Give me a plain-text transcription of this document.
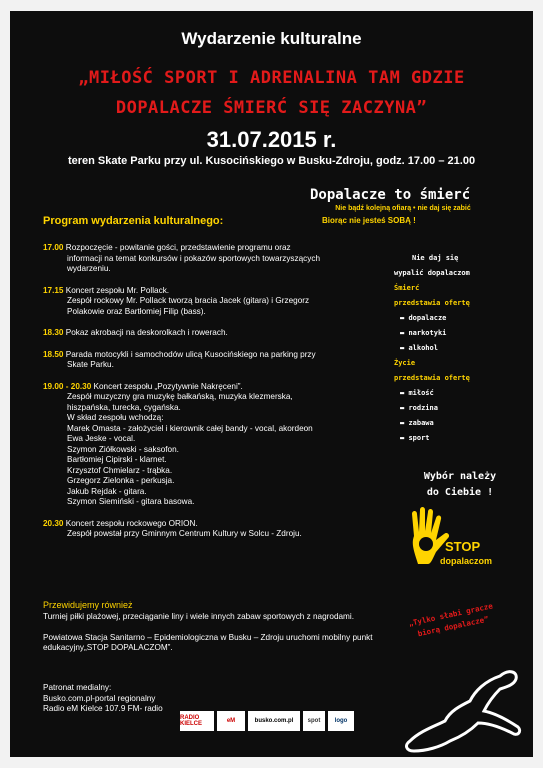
Wydarzenie kulturalne
„MIŁOŚĆ SPORT I ADRENALINA TAM GDZIE
DOPALACZE ŚMIERĆ SIĘ ZACZYNA”
31.07.2015 r.
teren Skate Parku przy ul. Kusocińskiego w Busku-Zdroju, godz. 17.00 – 21.00
Dopalacze to śmierć
Nie bądź kolejną ofiarą • nie daj się zabić
Biorąc nie jesteś SOBĄ !
Program wydarzenia kulturalnego:
17.00 Rozpoczęcie - powitanie gości, przedstawienie programu oraz
informacji na temat konkursów i pokazów sportowych towarzyszących
wydarzeniu.
17.15 Koncert zespołu Mr. Pollack.
Zespół rockowy Mr. Pollack tworzą bracia Jacek (gitara) i Grzegorz
Polakowie oraz Bartłomiej Filip (bass).
18.30 Pokaz akrobacji na deskorolkach i rowerach.
18.50 Parada motocykli i samochodów ulicą Kusocińskiego na parking przy
Skate Parku.
19.00 - 20.30 Koncert zespołu „Pozytywnie Nakręceni”.
Zespół muzyczny gra muzykę bałkańską, muzyka klezmerska,
hiszpańska, turecka, cygańska.
W skład zespołu wchodzą:
Marek Omasta - założyciel i kierownik całej bandy - vocal, akordeon
Ewa Jeske - vocal.
Szymon Ziółkowski - saksofon.
Bartłomiej Cipirski - klarnet.
Krzysztof Chmielarz - trąbka.
Grzegorz Zielonka - perkusja.
Jakub Rejdak - gitara.
Szymon Siemiński - gitara basowa.
20.30 Koncert zespołu rockowego ORION.
Zespół powstał przy Gminnym Centrum Kultury w Solcu - Zdroju.
Przewidujemy również

Turniej piłki plażowej, przeciąganie liny i wiele innych zabaw sportowych z nagrodami.

Powiatowa Stacja Sanitarno – Epidemiologiczna w Busku – Zdroju uruchomi mobilny punkt edukacyjny„STOP DOPALACZOM”.

Patronat medialny:
Busko.com.pl-portal regionalny
Radio eM Kielce 107.9 FM- radio
RADIO KIELCE	eM	busko.com.pl	spot	logo
Nie daj się
wypalić dopalaczom
Śmierć
przedstawia ofertę
▬ dopalacze
▬ narkotyki
▬ alkohol
Życie
przedstawia ofertę
▬ miłość
▬ rodzina
▬ zabawa
▬ sport
Wybór należy
do Ciebie !
STOP
dopalaczom
„Tylko słabi gracze biorą dopalacze”
